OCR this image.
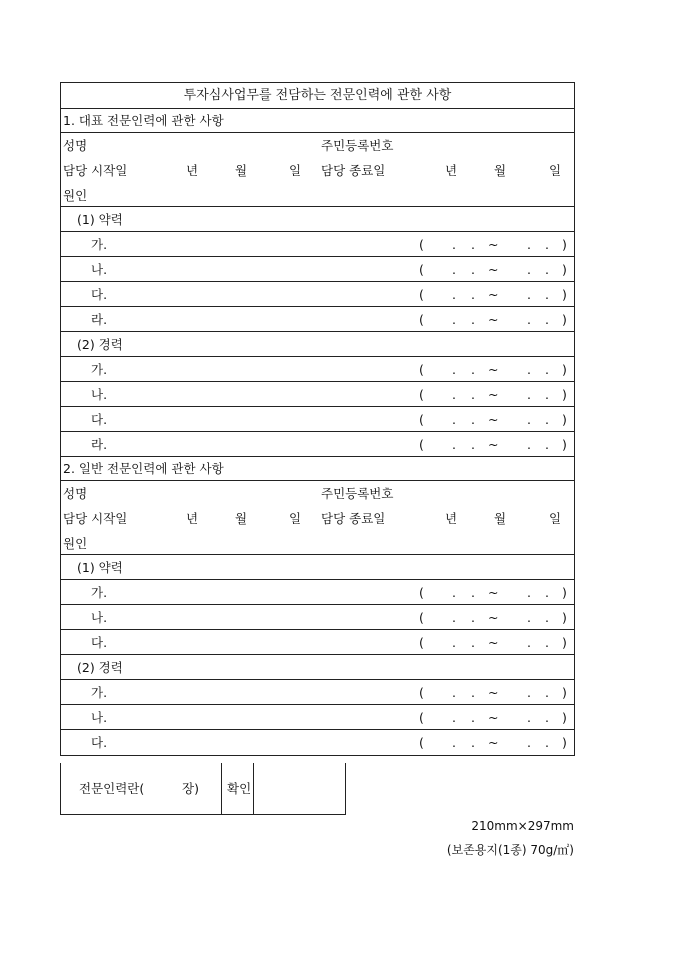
투자심사업무를 전담하는 전문인력에 관한 사항
1. 대표 전문인력에 관한 사항
성명	주민등록번호
담당 시작일	년	월	일 담당 종료일	년	월	일
원인
(1) 약력
가.	( . . ~ . . )
나.	( . . ~ . . )
다.	( . . ~ . . )
라.	( . . ~ . . )
(2) 경력
가.	( . . ~ . . )
나.	( . . ~ . . )
다.	( . . ~ . . )
라.	( . . ~ . . )
2. 일반 전문인력에 관한 사항
성명	주민등록번호
담당 시작일	년	월	일 담당 종료일	년	월	일
원인
(1) 약력
가.	( . . ~ . . )
나.	( . . ~ . . )
다.	( . . ~ . . )
(2) 경력
가.	( . . ~ . . )
나.	( . . ~ . . )
다.	( . . ~ . . )
전문인력란(	장) 확인
210mm×297mm
(보존용지(1종) 70g/㎡)
